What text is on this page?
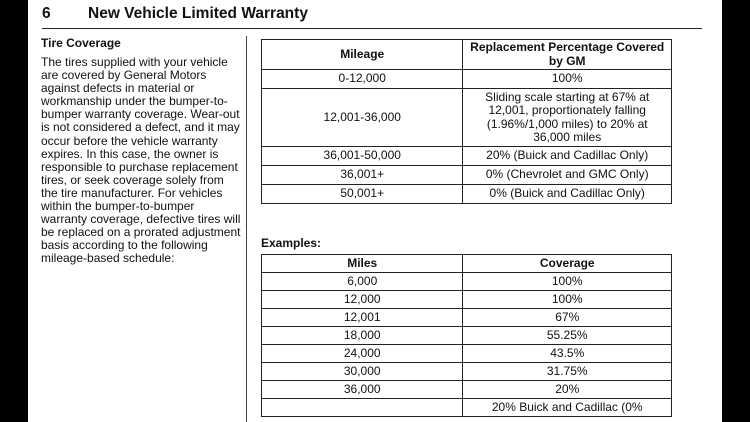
6 New Vehicle Limited Warranty

Tire Coverage

The tires supplied with your vehicle are covered by General Motors against defects in material or workmanship under the bumper-to-bumper warranty coverage. Wear-out is not considered a defect, and it may occur before the vehicle warranty expires. In this case, the owner is responsible to purchase replacement tires, or seek coverage solely from the tire manufacturer. For vehicles within the bumper-to-bumper warranty coverage, defective tires will be replaced on a prorated adjustment basis according to the following mileage-based schedule:

Mileage	Replacement Percentage Covered by GM
0-12,000	100%
12,001-36,000	Sliding scale starting at 67% at 12,001, proportionately falling (1.96%/1,000 miles) to 20% at 36,000 miles
36,001-50,000	20% (Buick and Cadillac Only)
36,001+	0% (Chevrolet and GMC Only)
50,001+	0% (Buick and Cadillac Only)
Examples:
Miles	Coverage
6,000	100%
12,000	100%
12,001	67%
18,000	55.25%
24,000	43.5%
30,000	31.75%
36,000	20%
	20% Buick and Cadillac (0%
